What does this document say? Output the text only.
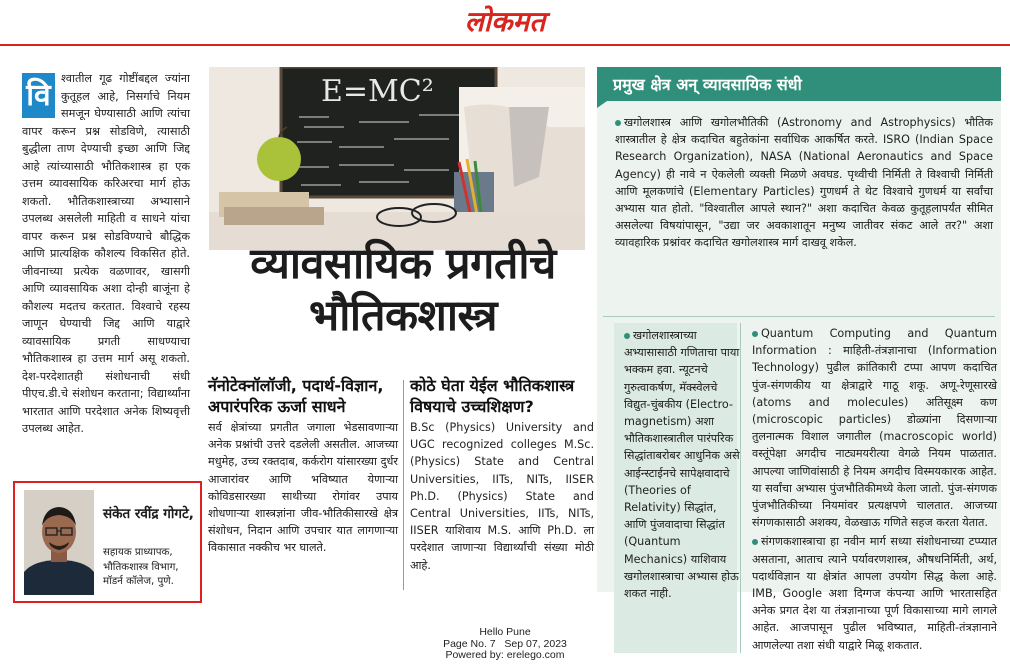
लोकमत
वि श्वातील गूढ गोष्टींबद्दल ज्यांना कुतूहल आहे, निसर्गाचे नियम समजून घेण्यासाठी आणि त्यांचा वापर करून प्रश्न सोडविणे, त्यासाठी बुद्धीला ताण देण्याची इच्छा आणि जिद्द आहे त्यांच्यासाठी भौतिकशास्त्र हा एक उत्तम व्यावसायिक करिअरचा मार्ग होऊ शकतो. भौतिकशास्त्राच्या अभ्यासाने उपलब्ध असलेली माहिती व साधने यांचा वापर करून प्रश्न सोडविण्याचे बौद्धिक आणि प्रात्यक्षिक कौशल्य विकसित होते. जीवनाच्या प्रत्येक वळणावर, खासगी आणि व्यावसायिक अशा दोन्ही बाजूंना हे कौशल्य मदतच करतात. विश्वाचे रहस्य जाणून घेण्याची जिद्द आणि याद्वारे व्यावसायिक प्रगती साधण्याचा भौतिकशास्त्र हा उत्तम मार्ग असू शकतो. देश-परदेशातही संशोधनाची संधी पीएच.डी.चे संशोधन करताना; विद्यार्थ्यांना भारतात आणि परदेशात अनेक शिष्यवृत्ती उपलब्ध आहेत.

संकेत रवींद्र गोगटे,
सहायक प्राध्यापक, भौतिकशास्त्र विभाग, मॉडर्न कॉलेज, पुणे.
E=MC²
व्यावसायिक प्रगतीचे
भौतिकशास्त्र
नॅनोटेक्नॉलॉजी, पदार्थ-विज्ञान, अपारंपरिक ऊर्जा साधने
सर्व क्षेत्रांच्या प्रगतीत जगाला भेडसावणाऱ्या अनेक प्रश्नांची उत्तरे दडलेली असतील. आजच्या मधुमेह, उच्च रक्तदाब, कर्करोग यांसारख्या दुर्धर आजारांवर आणि भविष्यात येणाऱ्या कोविडसारख्या साथीच्या रोगांवर उपाय शोधणाऱ्या शास्त्रज्ञांना जीव-भौतिकीसारखे क्षेत्र संशोधन, निदान आणि उपचार यात लागणाऱ्या विकासात नक्कीच भर घालते.
कोठे घेता येईल भौतिकशास्त्र विषयाचे उच्चशिक्षण?
B.Sc (Physics) University and UGC recognized colleges M.Sc. (Physics) State and Central Universities, IITs, NITs, IISER Ph.D. (Physics) State and Central Universities, IITs, NITs, IISER याशिवाय M.S. आणि Ph.D. ला परदेशात जाणाऱ्या विद्यार्थ्यांची संख्या मोठी आहे.
प्रमुख क्षेत्र अन् व्यावसायिक संधी
खगोलशास्त्र आणि खगोलभौतिकी (Astronomy and Astrophysics) भौतिक शास्त्रातील हे क्षेत्र कदाचित बहुतेकांना सर्वाधिक आकर्षित करते. ISRO (Indian Space Research Organization), NASA (National Aeronautics and Space Agency) ही नावे न ऐकलेली व्यक्ती मिळणे अवघड. पृथ्वीची निर्मिती ते विश्वाची निर्मिती आणि मूलकणांचे (Elementary Particles) गुणधर्म ते थेट विश्वाचे गुणधर्म या सर्वांचा अभ्यास यात होतो. "विश्वातील आपले स्थान?" अशा कदाचित केवळ कुतूहलापर्यंत सीमित असलेल्या विषयांपासून, "उद्या जर अवकाशातून मनुष्य जातीवर संकट आले तर?" अशा व्यावहारिक प्रश्नांवर कदाचित खगोलशास्त्र मार्ग दाखवू शकेल.
खगोलशास्त्राच्या अभ्यासासाठी गणिताचा पाया भक्कम हवा. न्यूटनचे गुरुत्वाकर्षण, मॅक्स्वेलचे विद्युत-चुंबकीय (Electro-magnetism) अशा भौतिकशास्त्रातील पारंपरिक सिद्धांताबरोबर आधुनिक असे आईन्स्टाईनचे सापेक्षवादाचे (Theories of Relativity) सिद्धांत, आणि पुंजवादाचा सिद्धांत (Quantum Mechanics) याशिवाय खगोलशास्त्राचा अभ्यास होऊ शकत नाही.

Quantum Computing and Quantum Information : माहिती-तंत्रज्ञानाचा (Information Technology) पुढील क्रांतिकारी टप्पा आपण कदाचित पुंज-संगणकीय या क्षेत्राद्वारे गाठू शकू. अणू-रेणूसारखे (atoms and molecules) अतिसूक्ष्म कण (microscopic particles) डोळ्यांना दिसणाऱ्या तुलनात्मक विशाल जगातील (macroscopic world) वस्तूंपेक्षा अगदीच नाट्यमयरीत्या वेगळे नियम पाळतात. आपल्या जाणिवांसाठी हे नियम अगदीच विस्मयकारक आहेत. या सर्वांचा अभ्यास पुंजभौतिकीमध्ये केला जातो. पुंज-संगणक पुंजभौतिकीच्या नियमांवर प्रत्यक्षपणे चालतात. आजच्या संगणकासाठी अशक्य, वेळखाऊ गणिते सहज करता येतात.

संगणकशास्त्राचा हा नवीन मार्ग सध्या संशोधनाच्या टप्प्यात असताना, आताच त्याने पर्यावरणशास्त्र, औषधनिर्मिती, अर्थ, पदार्थविज्ञान या क्षेत्रांत आपला उपयोग सिद्ध केला आहे. IMB, Google अशा दिग्गज कंपन्या आणि भारतासहित अनेक प्रगत देश या तंत्रज्ञानाच्या पूर्ण विकासाच्या मागे लागले आहेत. आजपासून पुढील भविष्यात, माहिती-तंत्रज्ञानाने आणलेल्या तशा संधी याद्वारे मिळू शकतात.

Hello Pune
Page No. 7 Sep 07, 2023
Powered by: erelego.com
